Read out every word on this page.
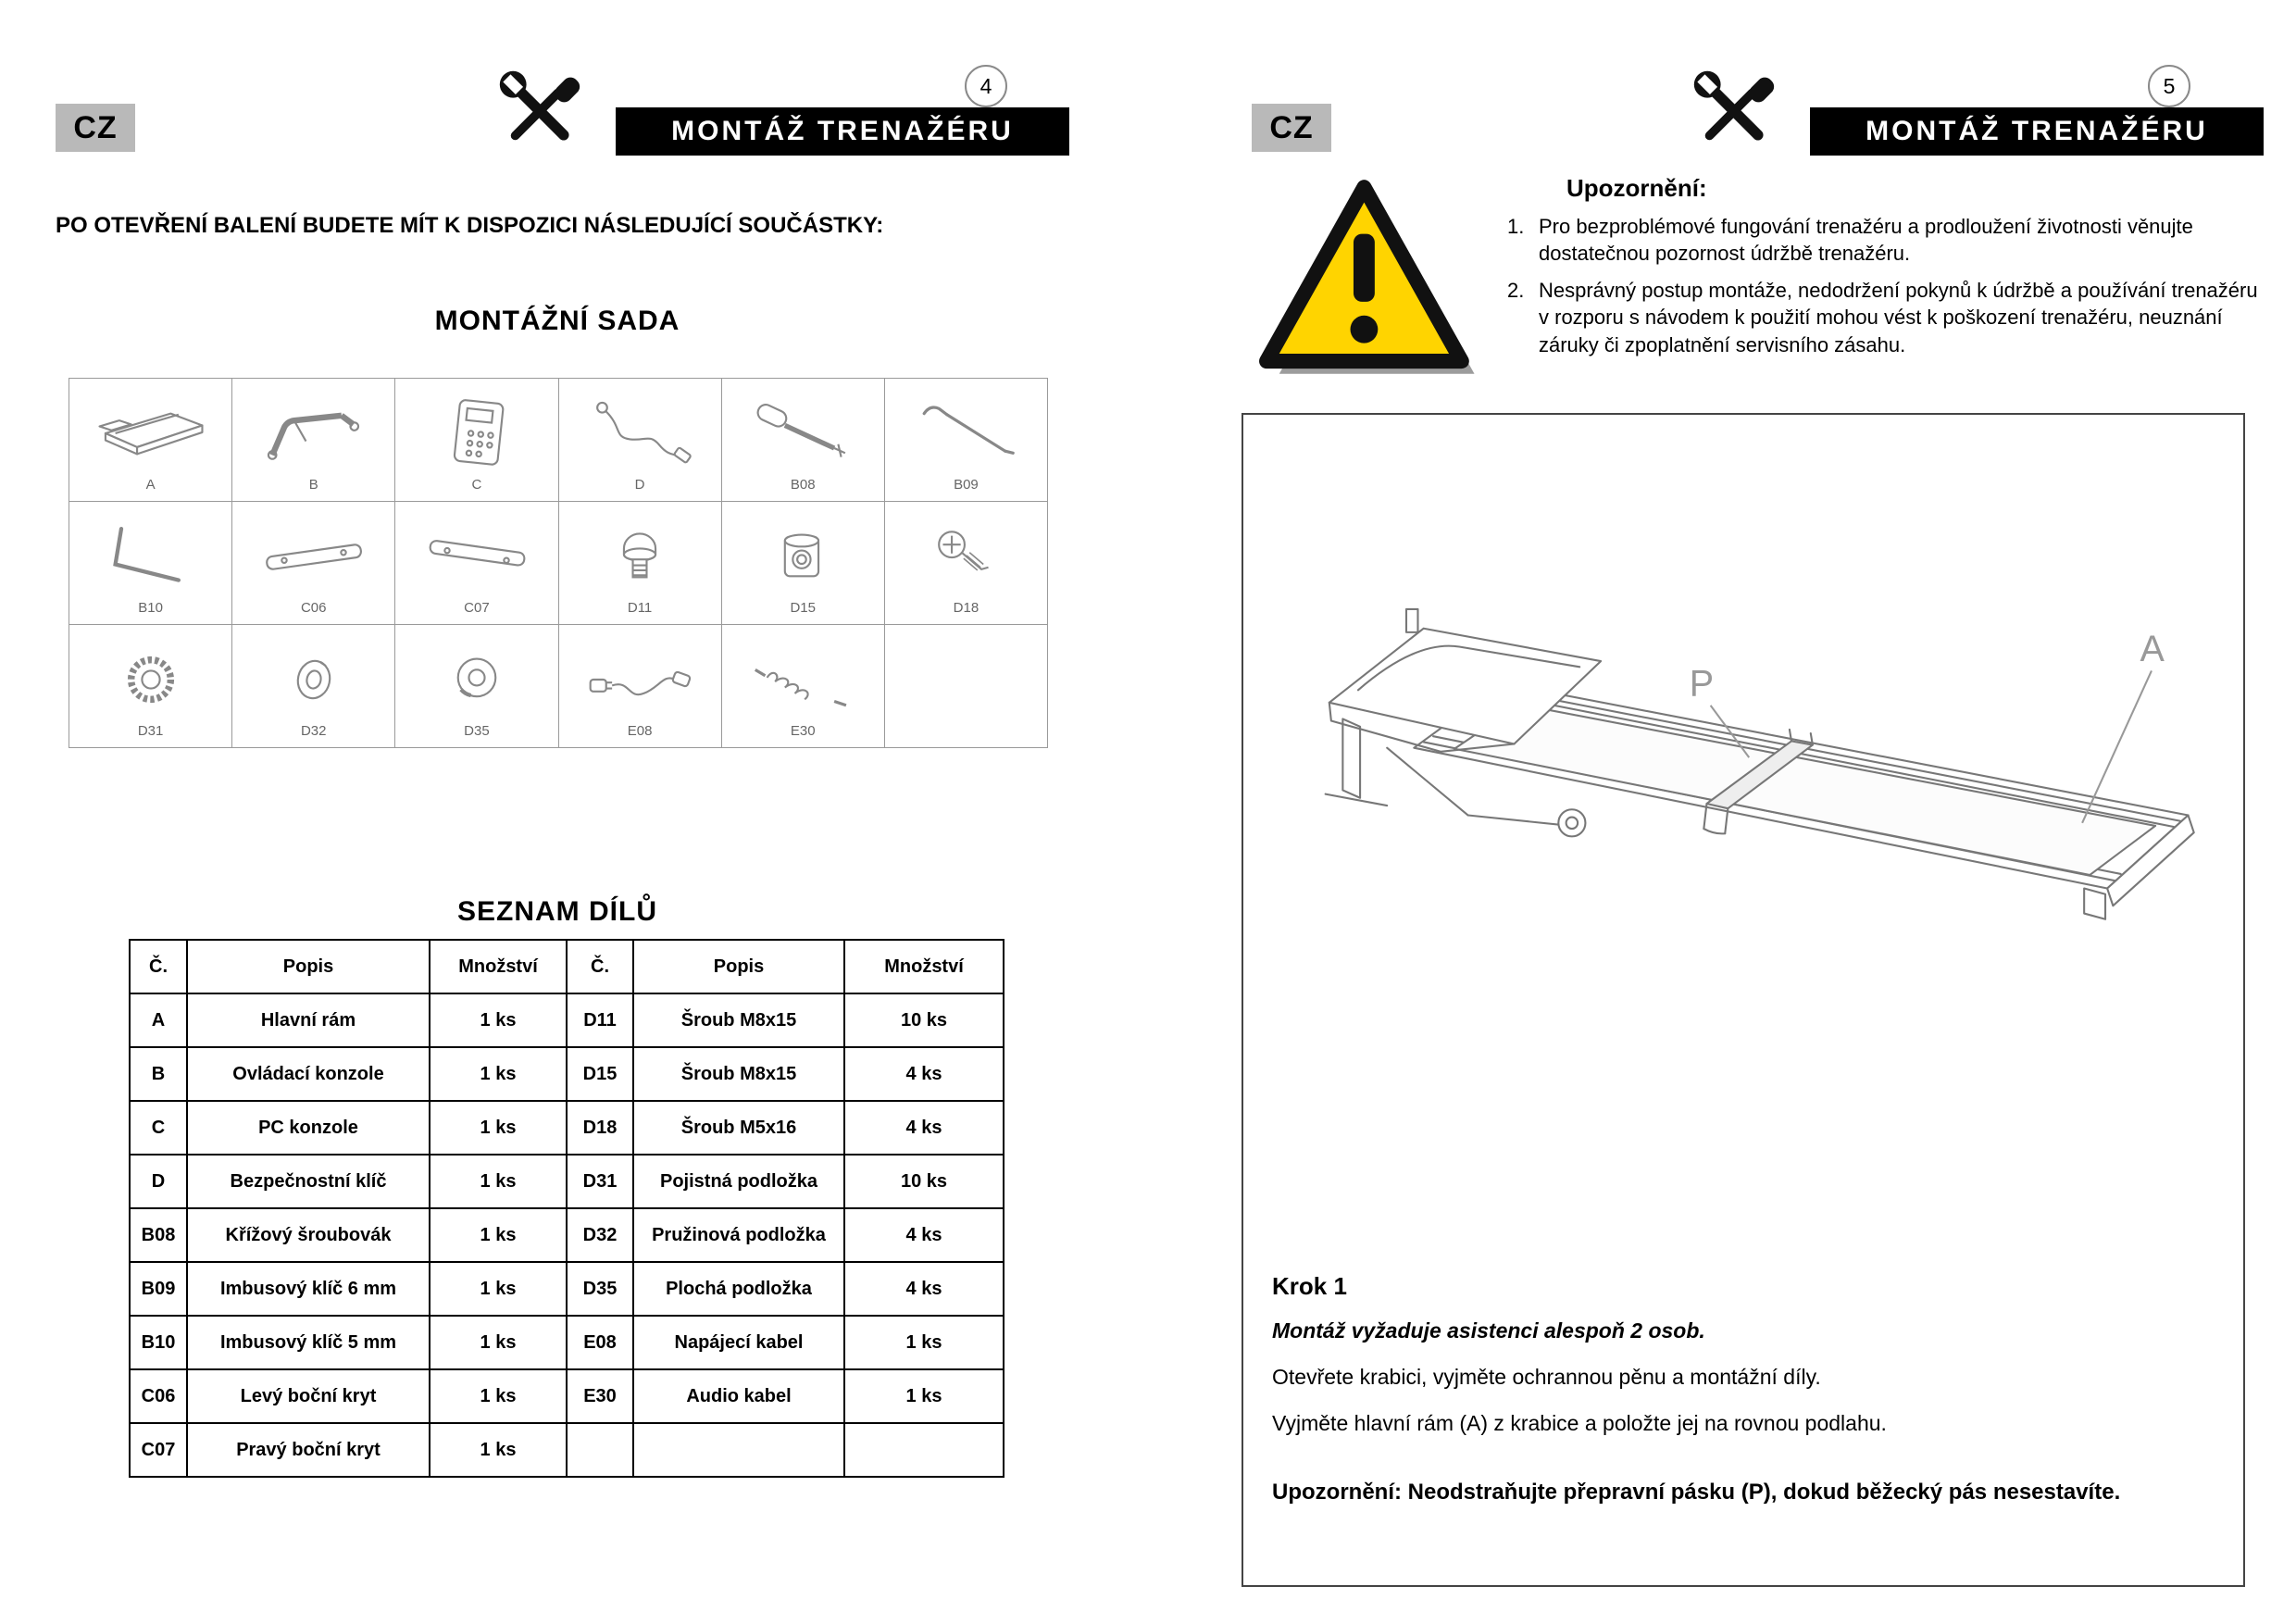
CZ	MONTÁŽ TRENAŽÉRU
4
PO OTEVŘENÍ BALENÍ BUDETE MÍT K DISPOZICI NÁSLEDUJÍCÍ SOUČÁSTKY:
MONTÁŽNÍ SADA
A	B	C	D	B08	B09
B10	C06	C07	D11	D15	D18
D31	D32	D35	E08	E30
SEZNAM DÍLŮ
Č.	Popis	Množství	Č.	Popis	Množství
A	Hlavní rám	1 ks	D11	Šroub M8x15	10 ks
B	Ovládací konzole	1 ks	D15	Šroub M8x15	4 ks
C	PC konzole	1 ks	D18	Šroub M5x16	4 ks
D	Bezpečnostní klíč	1 ks	D31	Pojistná podložka	10 ks
B08	Křížový šroubovák	1 ks	D32	Pružinová podložka	4 ks
B09	Imbusový klíč 6 mm	1 ks	D35	Plochá podložka	4 ks
B10	Imbusový klíč 5 mm	1 ks	E08	Napájecí kabel	1 ks
C06	Levý boční kryt	1 ks	E30	Audio kabel	1 ks
C07	Pravý boční kryt	1 ks			
CZ	MONTÁŽ TRENAŽÉRU
5
Upozornění:
1. Pro bezproblémové fungování trenažéru a prodloužení životnosti věnujte dostatečnou pozornost údržbě trenažéru.
2. Nesprávný postup montáže, nedodržení pokynů k údržbě a používání trenažéru v rozporu s návodem k použití mohou vést k poškození trenažéru, neuznání záruky či zpoplatnění servisního zásahu.
P
A
Krok 1
Montáž vyžaduje asistenci alespoň 2 osob.
Otevřete krabici, vyjměte ochrannou pěnu a montážní díly.
Vyjměte hlavní rám (A) z krabice a položte jej na rovnou podlahu.
Upozornění: Neodstraňujte přepravní pásku (P), dokud běžecký pás nesestavíte.
